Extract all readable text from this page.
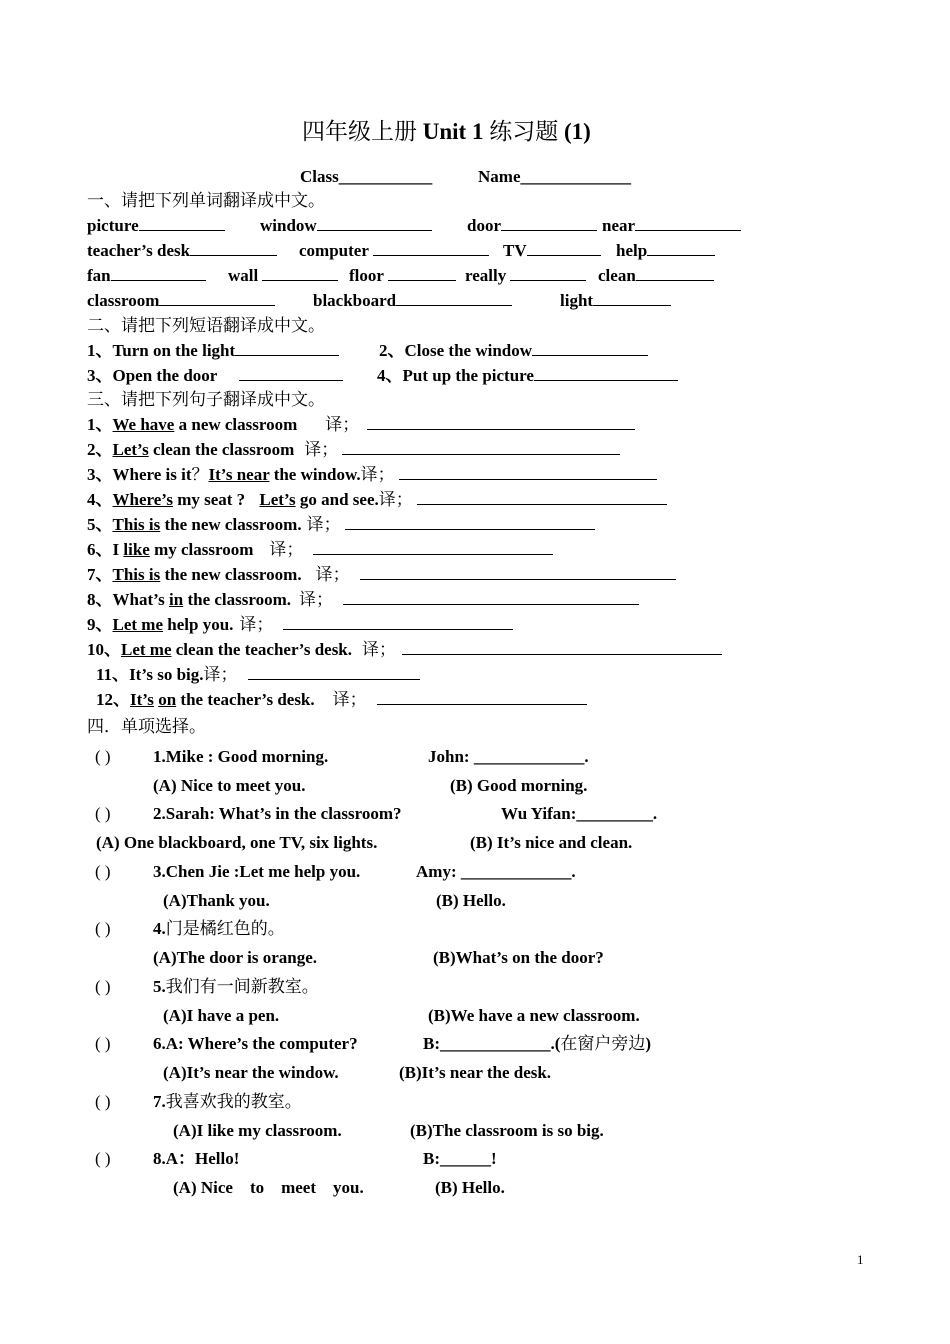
四年级上册 Unit 1 练习题 (1)
Class___________	Name_____________
一、请把下列单词翻译成中文。
picture	window	door	near
teacher’s desk	computer	TV	help
fan	wall	floor	really	clean
classroom	blackboard	light
二、请把下列短语翻译成中文。
1、Turn on the light	2、Close the window
3、Open the door	4、Put up the picture
三、请把下列句子翻译成中文。
1、We have a new classroom 译；
2、Let’s clean the classroom 译；
3、Where is it？It’s near the window.译；
4、Where’s my seat ? Let’s go and see.译；
5、This is the new classroom. 译；
6、I like my classroom 译；
7、This is the new classroom. 译；
8、What’s in the classroom. 译；
9、Let me help you. 译；
10、Let me clean the teacher’s desk. 译；
11、It’s so big.译；
12、It’s on the teacher’s desk. 译；
四．单项选择。
( ) 1.Mike : Good morning.	John: _____________.
(A) Nice to meet you.	(B) Good morning.
( ) 2.Sarah: What’s in the classroom?	Wu Yifan:_________.
(A) One blackboard, one TV, six lights.	(B) It’s nice and clean.
( ) 3.Chen Jie :Let me help you.	Amy: _____________.
(A)Thank you.	(B) Hello.
( ) 4.门是橘红色的。
(A)The door is orange.	(B)What’s on the door?
( ) 5.我们有一间新教室。
(A)I have a pen.	(B)We have a new classroom.
( ) 6.A: Where’s the computer?	B:_____________.(在窗户旁边)
(A)It’s near the window.	(B)It’s near the desk.
( ) 7.我喜欢我的教室。
(A)I like my classroom.	(B)The classroom is so big.
( ) 8.A：Hello!	B:______!
(A) Nice    to    meet    you.	(B) Hello.
1
